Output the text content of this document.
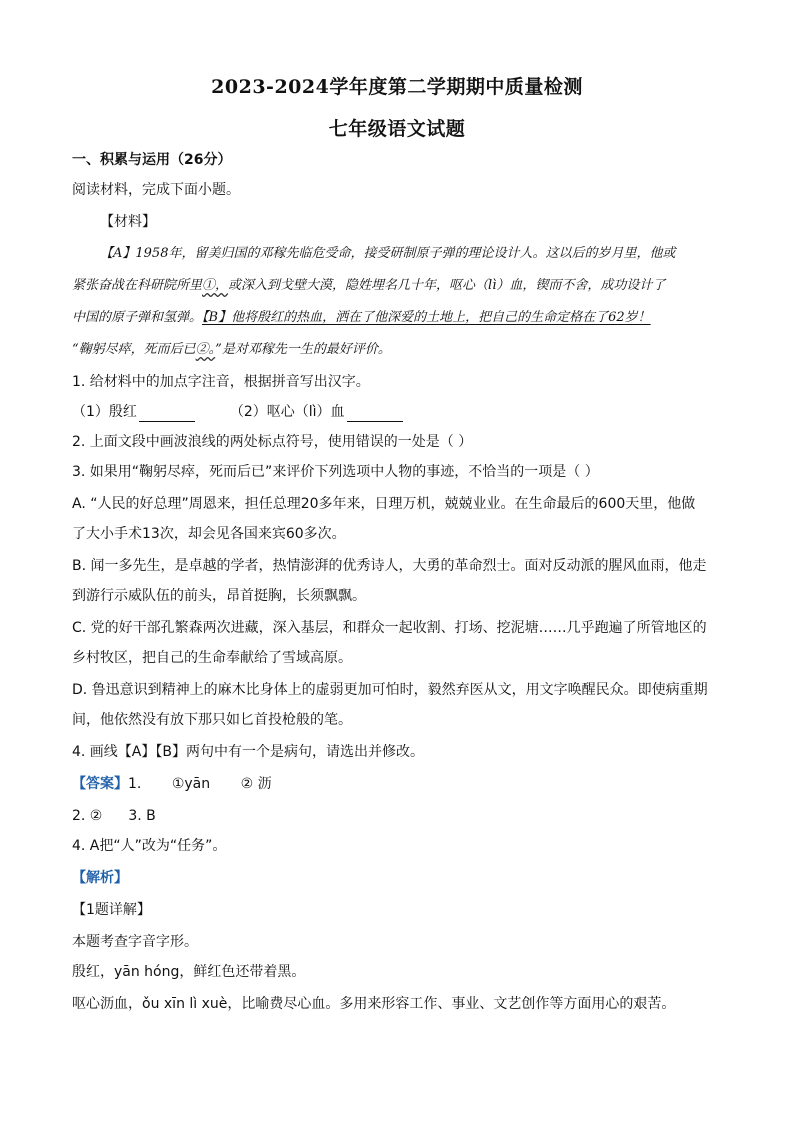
2023-2024学年度第二学期期中质量检测
七年级语文试题
一、积累与运用（26分）
阅读材料，完成下面小题。
【材料】
【A】1958年，留美归国的邓稼先临危受命，接受研制原子弹的理论设计人。这以后的岁月里，他或
紧张奋战在科研院所里①，或深入到戈壁大漠，隐姓埋名几十年，呕心（lì）血，锲而不舍，成功设计了
中国的原子弹和氢弹。【B】他将殷红的热血，洒在了他深爱的土地上，把自己的生命定格在了62岁！
“鞠躬尽瘁，死而后已②。”是对邓稼先一生的最好评价。
1. 给材料中的加点字注音，根据拼音写出汉字。
（1）殷红	（2）呕心（lì）血
2. 上面文段中画波浪线的两处标点符号，使用错误的一处是（ ）
3. 如果用“鞠躬尽瘁，死而后已”来评价下列选项中人物的事迹，不恰当的一项是（ ）
A. “人民的好总理”周恩来，担任总理20多年来，日理万机，兢兢业业。在生命最后的600天里，他做
了大小手术13次，却会见各国来宾60多次。
B. 闻一多先生，是卓越的学者，热情澎湃的优秀诗人，大勇的革命烈士。面对反动派的腥风血雨，他走
到游行示威队伍的前头，昂首挺胸，长须飘飘。
C. 党的好干部孔繁森两次进藏，深入基层，和群众一起收割、打场、挖泥塘……几乎跑遍了所管地区的
乡村牧区，把自己的生命奉献给了雪域高原。
D. 鲁迅意识到精神上的麻木比身体上的虚弱更加可怕时，毅然弃医从文，用文字唤醒民众。即使病重期
间，他依然没有放下那只如匕首投枪般的笔。
4. 画线【A】【B】两句中有一个是病句，请选出并修改。
【答案】1. ①yān ② 沥
2. ② 3. B
4. A把“人”改为“任务”。
【解析】
【1题详解】
本题考查字音字形。
殷红，yān hóng，鲜红色还带着黑。
呕心沥血，ǒu xīn lì xuè，比喻费尽心血。多用来形容工作、事业、文艺创作等方面用心的艰苦。
